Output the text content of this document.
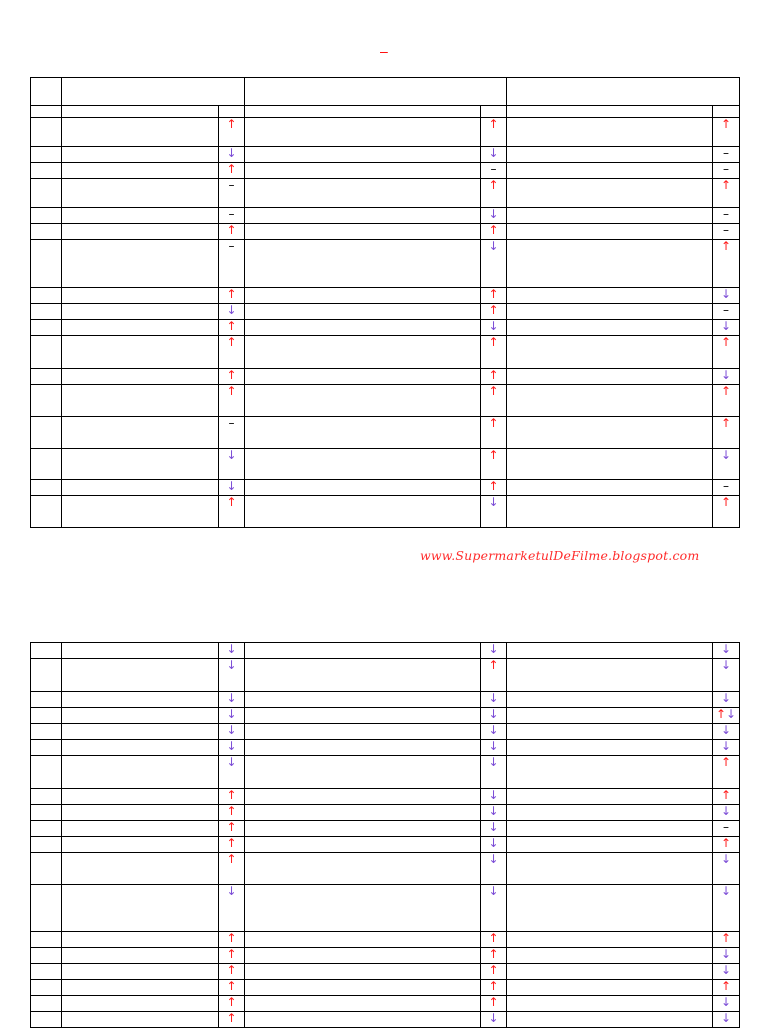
–

		↑		↑		↑
		↓		↓		–
		↑		–		–
		–		↑		↑
		–		↓		–
		↑		↑		–
		–		↓		↑
		↑		↑		↓
		↓		↑		–
		↑		↓		↓
		↑		↑		↑
		↑		↑		↓
		↑		↑		↑
		–		↑		↑
		↓		↑		↓
		↓		↑		–
		↑		↓		↑
www.SupermarketulDeFilme.blogspot.com
		↓		↓		↓
		↓		↑		↓
		↓		↓		↓
		↓		↓		↑↓
		↓		↓		↓
		↓		↓		↓
		↓		↓		↑
		↑		↓		↑
		↑		↓		↓
		↑		↓		–
		↑		↓		↑
		↑		↓		↓
		↓		↓		↓
		↑		↑		↑
		↑		↑		↓
		↑		↑		↓
		↑		↑		↑
		↑		↑		↓
		↑		↓		↓
